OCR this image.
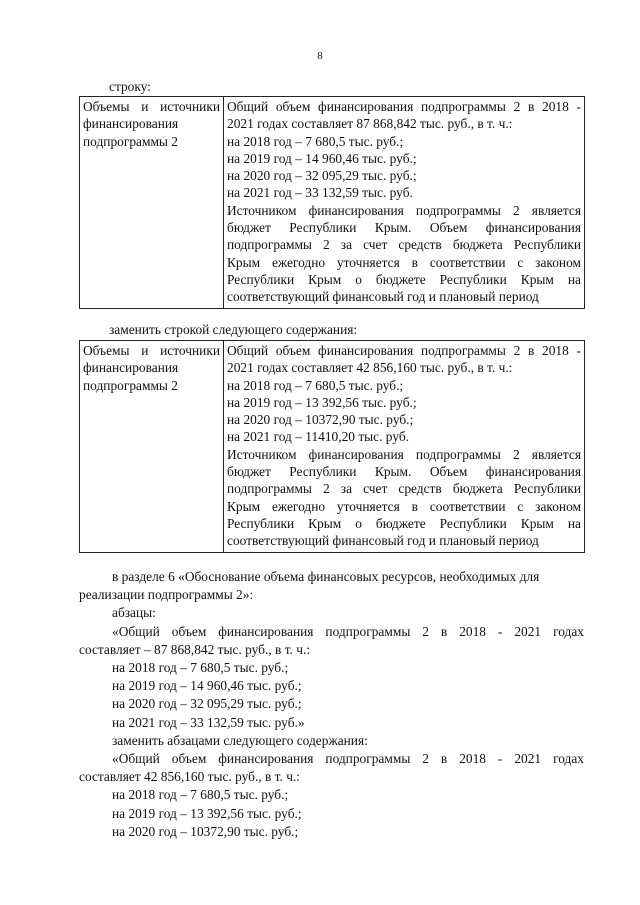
8
строку:
Объемы и источники
финансирования
подпрограммы 2

Общий объем финансирования подпрограммы 2 в 2018 -
2021 годах составляет 87 868,842 тыс. руб., в т. ч.:
на 2018 год – 7 680,5 тыс. руб.;
на 2019 год – 14 960,46 тыс. руб.;
на 2020 год – 32 095,29 тыс. руб.;
на 2021 год – 33 132,59 тыс. руб.
Источником финансирования подпрограммы 2 является
бюджет Республики Крым. Объем финансирования
подпрограммы 2 за счет средств бюджета Республики
Крым ежегодно уточняется в соответствии с законом
Республики Крым о бюджете Республики Крым на
соответствующий финансовый год и плановый период
заменить строкой следующего содержания:
Объемы и источники
финансирования
подпрограммы 2

Общий объем финансирования подпрограммы 2 в 2018 -
2021 годах составляет 42 856,160 тыс. руб., в т. ч.:
на 2018 год – 7 680,5 тыс. руб.;
на 2019 год – 13 392,56 тыс. руб.;
на 2020 год – 10372,90 тыс. руб.;
на 2021 год – 11410,20 тыс. руб.
Источником финансирования подпрограммы 2 является
бюджет Республики Крым. Объем финансирования
подпрограммы 2 за счет средств бюджета Республики
Крым ежегодно уточняется в соответствии с законом
Республики Крым о бюджете Республики Крым на
соответствующий финансовый год и плановый период
в разделе 6 «Обоснование объема финансовых ресурсов, необходимых для
реализации подпрограммы 2»:
абзацы:
«Общий объем финансирования подпрограммы 2 в 2018 - 2021 годах
составляет – 87 868,842 тыс. руб., в т. ч.:
на 2018 год – 7 680,5 тыс. руб.;
на 2019 год – 14 960,46 тыс. руб.;
на 2020 год – 32 095,29 тыс. руб.;
на 2021 год – 33 132,59 тыс. руб.»
заменить абзацами следующего содержания:
«Общий объем финансирования подпрограммы 2 в 2018 - 2021 годах
составляет 42 856,160 тыс. руб., в т. ч.:
на 2018 год – 7 680,5 тыс. руб.;
на 2019 год – 13 392,56 тыс. руб.;
на 2020 год – 10372,90 тыс. руб.;
